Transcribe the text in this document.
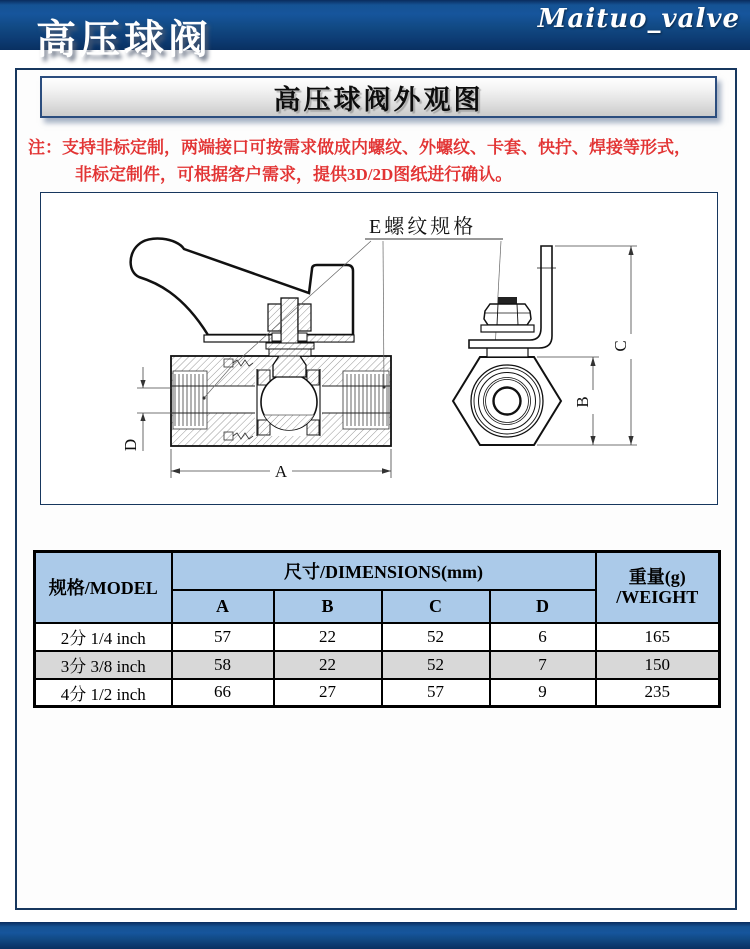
高压球阀	Maituo_valve
高压球阀外观图
注：支持非标定制，两端接口可按需求做成内螺纹、外螺纹、卡套、快拧、焊接等形式，
非标定制件，可根据客户需求，提供3D/2D图纸进行确认。
A
D
E螺纹规格
B
C
规格/MODEL	尺寸/DIMENSIONS(mm)				重量(g)
/WEIGHT

	A	B	C	D	
2分 1/4 inch	57	22	52	6	165
3分 3/8 inch	58	22	52	7	150
4分 1/2 inch	66	27	57	9	235
